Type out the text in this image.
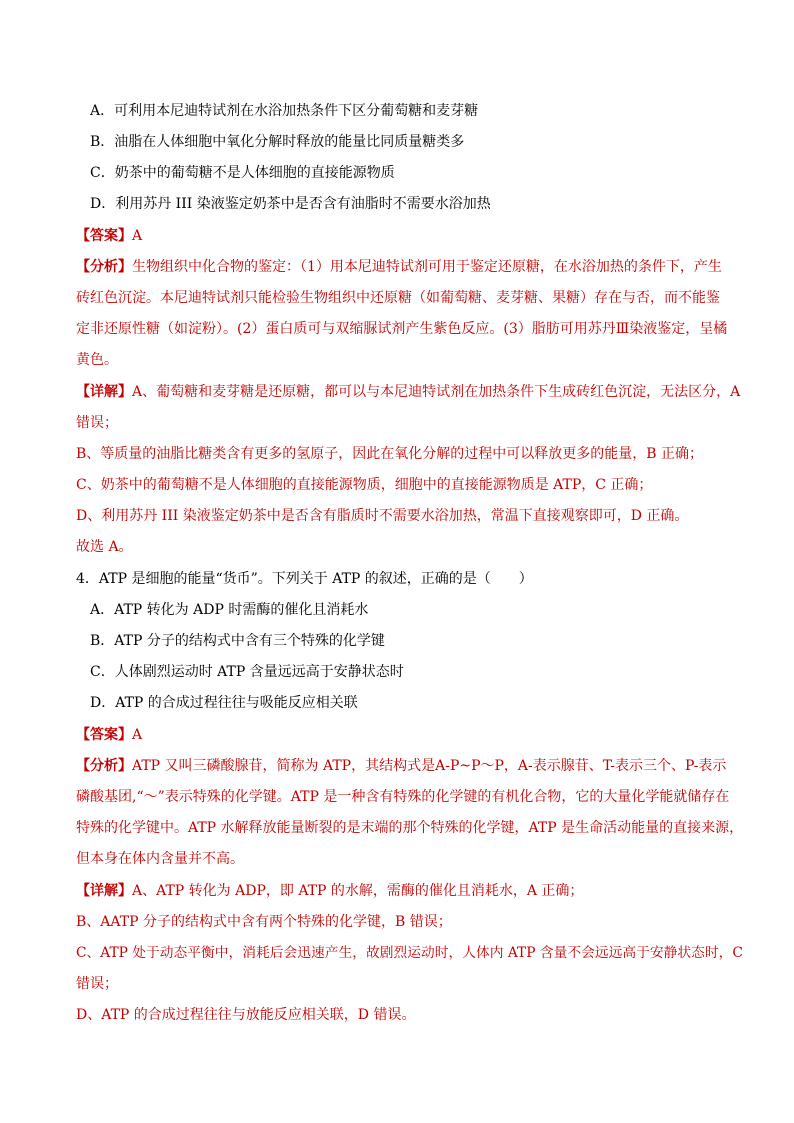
A．可利用本尼迪特试剂在水浴加热条件下区分葡萄糖和麦芽糖
B．油脂在人体细胞中氧化分解时释放的能量比同质量糖类多
C．奶茶中的葡萄糖不是人体细胞的直接能源物质
D．利用苏丹 III 染液鉴定奶茶中是否含有油脂时不需要水浴加热
【答案】A
【分析】生物组织中化合物的鉴定：（1）用本尼迪特试剂可用于鉴定还原糖，在水浴加热的条件下，产生
砖红色沉淀。本尼迪特试剂只能检验生物组织中还原糖（如葡萄糖、麦芽糖、果糖）存在与否，而不能鉴
定非还原性糖（如淀粉）。(2）蛋白质可与双缩脲试剂产生紫色反应。(3）脂肪可用苏丹Ⅲ染液鉴定，呈橘
黄色。
【详解】A、葡萄糖和麦芽糖是还原糖，都可以与本尼迪特试剂在加热条件下生成砖红色沉淀，无法区分，A
错误；
B、等质量的油脂比糖类含有更多的氢原子，因此在氧化分解的过程中可以释放更多的能量，B 正确；
C、奶茶中的葡萄糖不是人体细胞的直接能源物质，细胞中的直接能源物质是 ATP，C 正确；
D、利用苏丹 III 染液鉴定奶茶中是否含有脂质时不需要水浴加热，常温下直接观察即可，D 正确。
故选 A。
4．ATP 是细胞的能量“货币”。下列关于 ATP 的叙述，正确的是（　　）
A．ATP 转化为 ADP 时需酶的催化且消耗水
B．ATP 分子的结构式中含有三个特殊的化学键
C．人体剧烈运动时 ATP 含量远远高于安静状态时
D．ATP 的合成过程往往与吸能反应相关联
【答案】A
【分析】ATP 又叫三磷酸腺苷，简称为 ATP，其结构式是A-P~P～P，A-表示腺苷、T-表示三个、P-表示
磷酸基团,“～”表示特殊的化学键。ATP 是一种含有特殊的化学键的有机化合物，它的大量化学能就储存在
特殊的化学键中。ATP 水解释放能量断裂的是末端的那个特殊的化学键，ATP 是生命活动能量的直接来源，
但本身在体内含量并不高。
【详解】A、ATP 转化为 ADP，即 ATP 的水解，需酶的催化且消耗水，A 正确；
B、AATP 分子的结构式中含有两个特殊的化学键，B 错误；
C、ATP 处于动态平衡中，消耗后会迅速产生，故剧烈运动时，人体内 ATP 含量不会远远高于安静状态时，C
错误；
D、ATP 的合成过程往往与放能反应相关联，D 错误。
